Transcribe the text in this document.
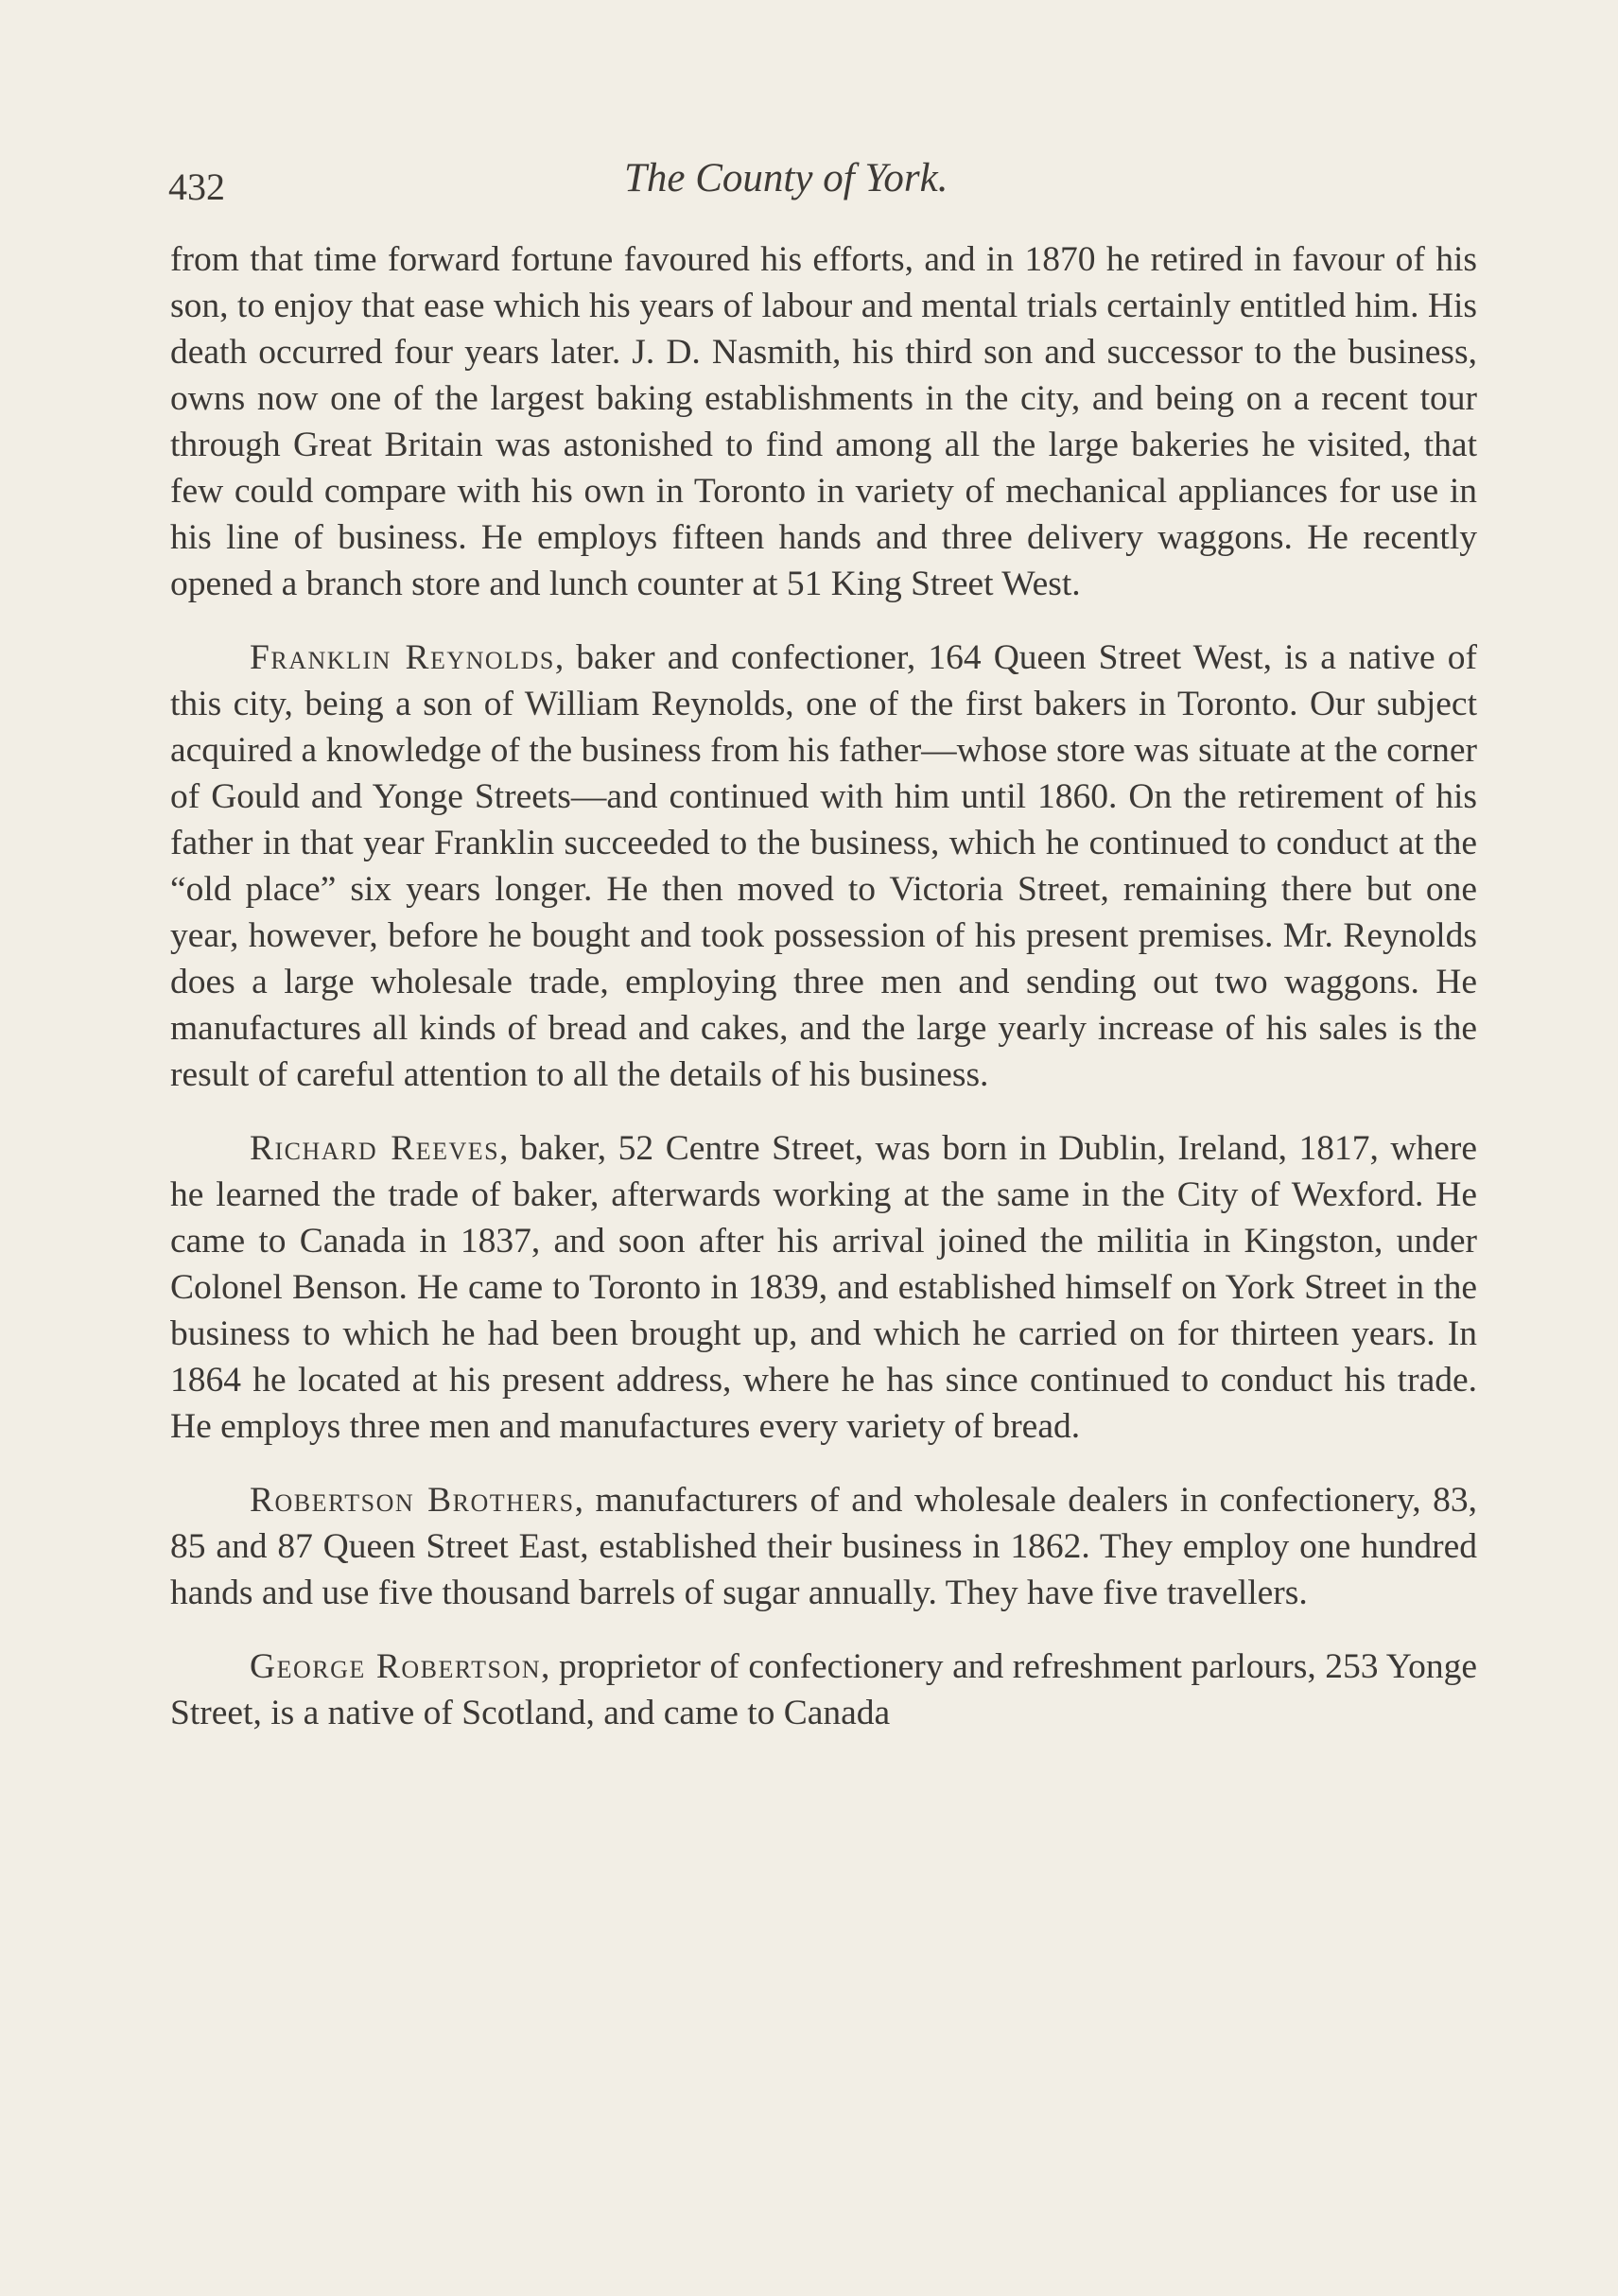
432	The County of York.

from that time forward fortune favoured his efforts, and in 1870 he retired in favour of his son, to enjoy that ease which his years of labour and mental trials certainly entitled him. His death occurred four years later. J. D. Nasmith, his third son and successor to the business, owns now one of the largest baking establishments in the city, and being on a recent tour through Great Britain was astonished to find among all the large bakeries he visited, that few could compare with his own in Toronto in variety of mechanical appliances for use in his line of business. He employs fifteen hands and three delivery waggons. He recently opened a branch store and lunch counter at 51 King Street West.

Franklin Reynolds, baker and confectioner, 164 Queen Street West, is a native of this city, being a son of William Reynolds, one of the first bakers in Toronto. Our subject acquired a knowledge of the business from his father—whose store was situate at the corner of Gould and Yonge Streets—and continued with him until 1860. On the retirement of his father in that year Franklin succeeded to the business, which he continued to conduct at the “old place” six years longer. He then moved to Victoria Street, remaining there but one year, however, before he bought and took possession of his present premises. Mr. Reynolds does a large wholesale trade, employing three men and sending out two waggons. He manufactures all kinds of bread and cakes, and the large yearly increase of his sales is the result of careful attention to all the details of his business.

Richard Reeves, baker, 52 Centre Street, was born in Dublin, Ireland, 1817, where he learned the trade of baker, afterwards working at the same in the City of Wexford. He came to Canada in 1837, and soon after his arrival joined the militia in Kingston, under Colonel Benson. He came to Toronto in 1839, and established himself on York Street in the business to which he had been brought up, and which he carried on for thirteen years. In 1864 he located at his present address, where he has since continued to conduct his trade. He employs three men and manufactures every variety of bread.

Robertson Brothers, manufacturers of and wholesale dealers in confectionery, 83, 85 and 87 Queen Street East, established their business in 1862. They employ one hundred hands and use five thousand barrels of sugar annually. They have five travellers.

George Robertson, proprietor of confectionery and refreshment parlours, 253 Yonge Street, is a native of Scotland, and came to Canada
